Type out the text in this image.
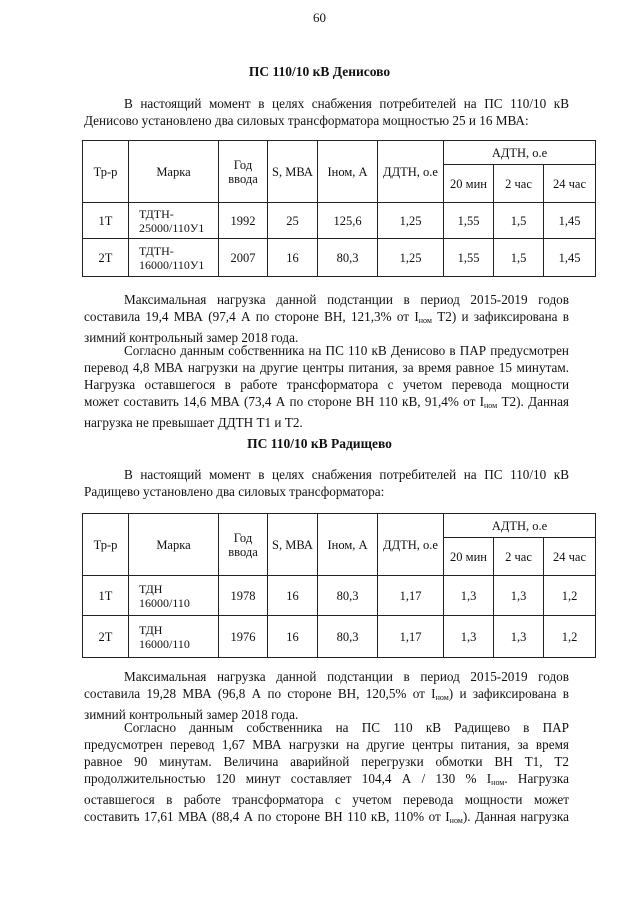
60
ПС 110/10 кВ Денисово
В настоящий момент в целях снабжения потребителей на ПС 110/10 кВ
Денисово установлено два силовых трансформатора мощностью 25 и 16 МВА:
Тр-р	Марка	Год ввода	S, МВА	Iном, А	ДДТН, о.е	АДТН, о.е		
						20 мин	2 час	24 час
1Т	ТДТН-
25000/110У1	1992	25	125,6	1,25	1,55	1,5	1,45
2Т	ТДТН-
16000/110У1	2007	16	80,3	1,25	1,55	1,5	1,45
Максимальная нагрузка данной подстанции в период 2015-2019 годов
составила 19,4 МВА (97,4 А по стороне ВН, 121,3% от $I_{ном}$ Т2) и зафиксирована в
зимний контрольный замер 2018 года.
Согласно данным собственника на ПС 110 кВ Денисово в ПАР предусмотрен
перевод 4,8 МВА нагрузки на другие центры питания, за время равное 15 минутам.
Нагрузка оставшегося в работе трансформатора с учетом перевода мощности
может составить 14,6 МВА (73,4 А по стороне ВН 110 кВ, 91,4% от $I_{ном}$ Т2). Данная
нагрузка не превышает ДДТН Т1 и Т2.
ПС 110/10 кВ Радищево
В настоящий момент в целях снабжения потребителей на ПС 110/10 кВ
Радищево установлено два силовых трансформатора:
Тр-р	Марка	Год ввода	S, МВА	Iном, А	ДДТН, о.е	АДТН, о.е		
						20 мин	2 час	24 час
1Т	ТДН
16000/110	1978	16	80,3	1,17	1,3	1,3	1,2
2Т	ТДН
16000/110	1976	16	80,3	1,17	1,3	1,3	1,2
Максимальная нагрузка данной подстанции в период 2015-2019 годов
составила 19,28 МВА (96,8 А по стороне ВН, 120,5% от $I_{ном}$) и зафиксирована в
зимний контрольный замер 2018 года.
Согласно данным собственника на ПС 110 кВ Радищево в ПАР
предусмотрен перевод 1,67 МВА нагрузки на другие центры питания, за время
равное 90 минутам. Величина аварийной перегрузки обмотки ВН Т1, Т2
продолжительностью 120 минут составляет 104,4 А / 130 % $I_{ном}$. Нагрузка
оставшегося в работе трансформатора с учетом перевода мощности может
составить 17,61 МВА (88,4 А по стороне ВН 110 кВ, 110% от $I_{ном}$). Данная нагрузка
